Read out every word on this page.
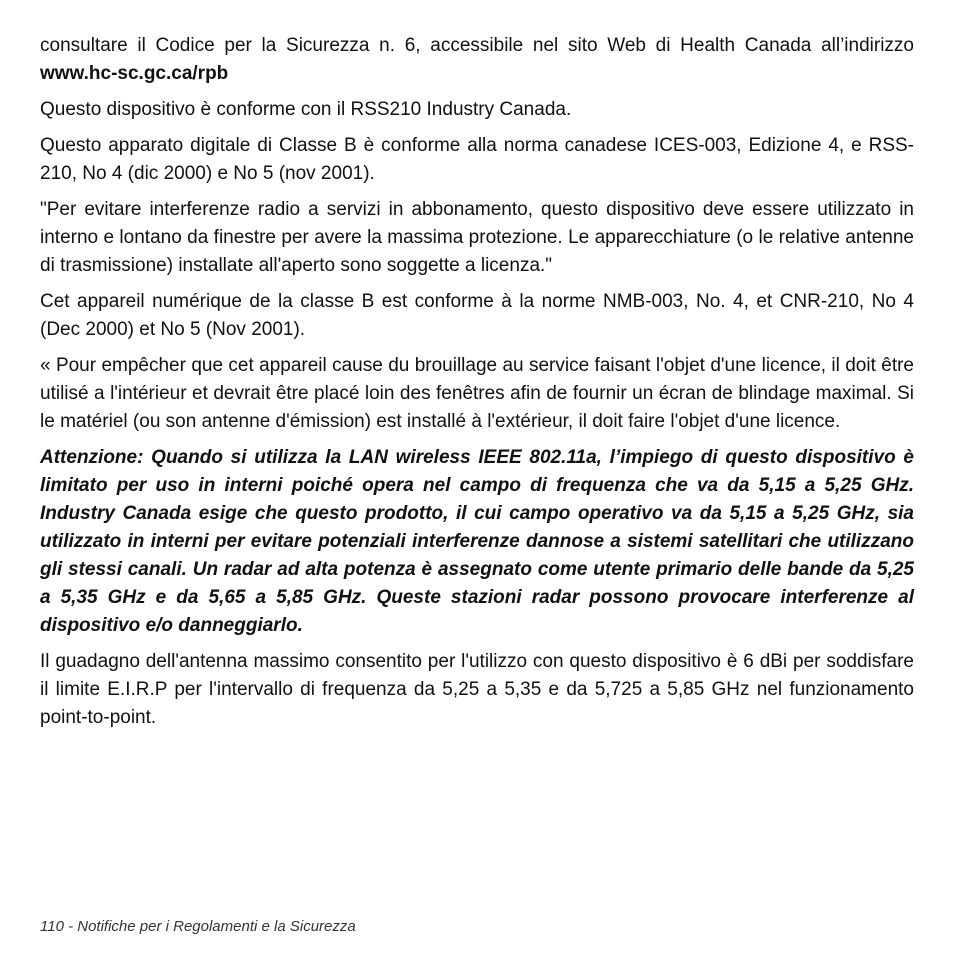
consultare il Codice per la Sicurezza n. 6, accessibile nel sito Web di Health Canada all’indirizzo www.hc-sc.gc.ca/rpb

Questo dispositivo è conforme con il RSS210 Industry Canada.

Questo apparato digitale di Classe B è conforme alla norma canadese ICES-003, Edizione 4, e RSS-210, No 4 (dic 2000) e No 5 (nov 2001).

"Per evitare interferenze radio a servizi in abbonamento, questo dispositivo deve essere utilizzato in interno e lontano da finestre per avere la massima protezione. Le apparecchiature (o le relative antenne di trasmissione) installate all'aperto sono soggette a licenza."

Cet appareil numérique de la classe B est conforme à la norme NMB-003, No. 4, et CNR-210, No 4 (Dec 2000) et No 5 (Nov 2001).

« Pour empêcher que cet appareil cause du brouillage au service faisant l'objet d'une licence, il doit être utilisé a l'intérieur et devrait être placé loin des fenêtres afin de fournir un écran de blindage maximal. Si le matériel (ou son antenne d'émission) est installé à l'extérieur, il doit faire l'objet d'une licence.

Attenzione: Quando si utilizza la LAN wireless IEEE 802.11a, l’impiego di questo dispositivo è limitato per uso in interni poiché opera nel campo di frequenza che va da 5,15 a 5,25 GHz. Industry Canada esige che questo prodotto, il cui campo operativo va da 5,15 a 5,25 GHz, sia utilizzato in interni per evitare potenziali interferenze dannose a sistemi satellitari che utilizzano gli stessi canali. Un radar ad alta potenza è assegnato come utente primario delle bande da 5,25 a 5,35 GHz e da 5,65 a 5,85 GHz. Queste stazioni radar possono provocare interferenze al dispositivo e/o danneggiarlo.

Il guadagno dell'antenna massimo consentito per l'utilizzo con questo dispositivo è 6 dBi per soddisfare il limite E.I.R.P per l'intervallo di frequenza da 5,25 a 5,35 e da 5,725 a 5,85 GHz nel funzionamento point-to-point.

110 - Notifiche per i Regolamenti e la Sicurezza
